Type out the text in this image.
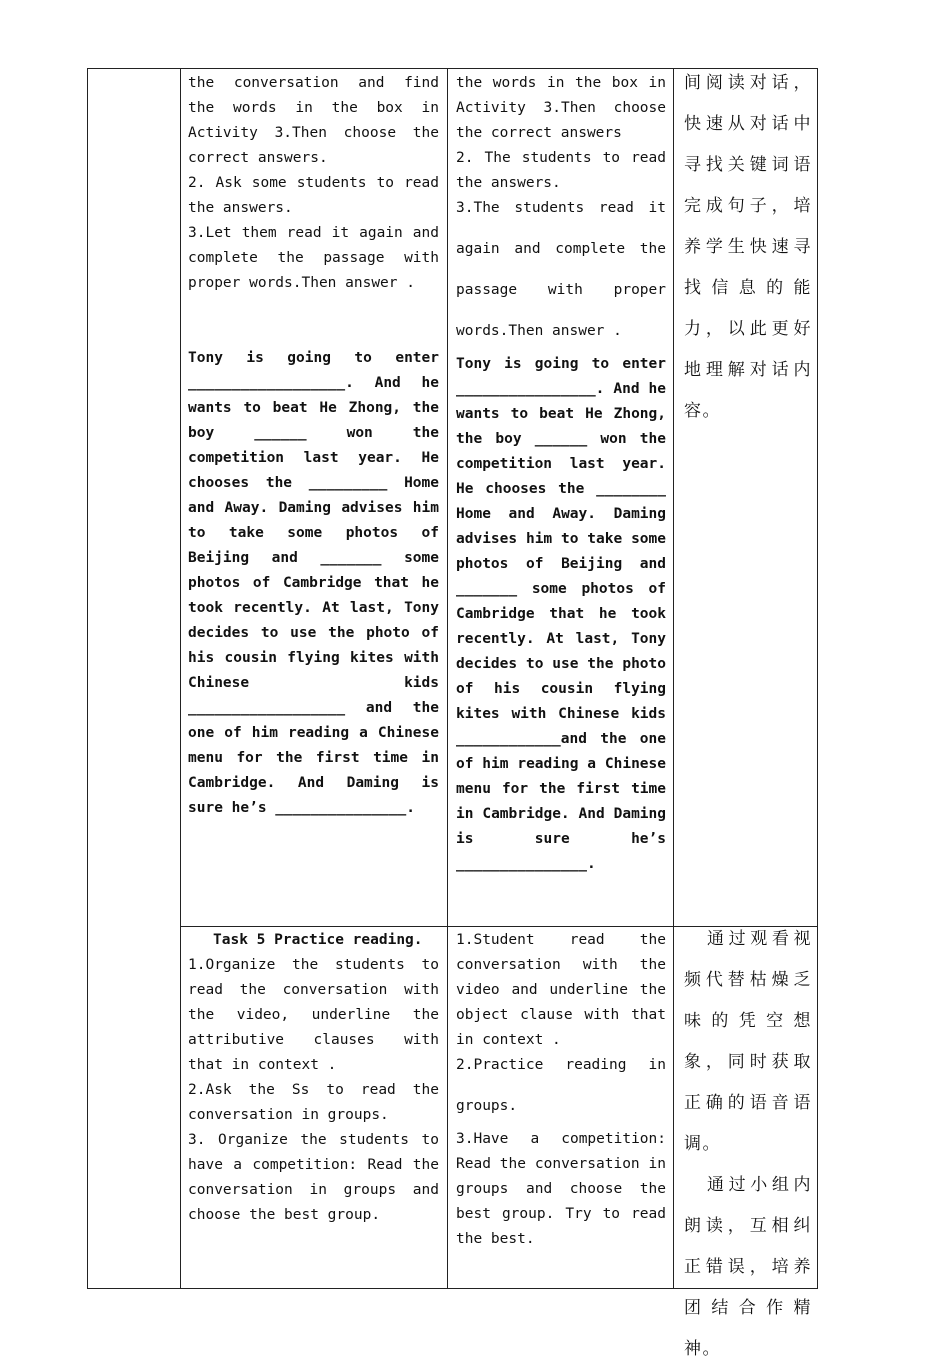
the conversation and find the words in the box in Activity 3.Then choose the correct answers.

2. Ask some students to read the answers.

3.Let them read it again and complete the passage with proper words.Then answer .

Tony is going to enter __________________. And he wants to beat He Zhong, the boy ______ won the competition last year. He chooses the _________ Home and Away. Daming advises him to take some photos of Beijing and _______ some photos of Cambridge that he took recently. At last, Tony decides to use the photo of his cousin flying kites with Chinese kids __________________ and the one of him reading a Chinese menu for the first time in Cambridge. And Daming is sure he’s _______________.

the words in the box in Activity 3.Then choose the correct answers

2. The students to read the answers.

3.The students read it again and complete the passage with proper words.Then answer .

Tony is going to enter ________________. And he wants to beat He Zhong, the boy ______ won the competition last year. He chooses the ________ Home and Away. Daming advises him to take some photos of Beijing and _______ some photos of Cambridge that he took recently. At last, Tony decides to use the photo of his cousin flying kites with Chinese kids ____________and the one of him reading a Chinese menu for the first time in Cambridge. And Daming is sure he’s _______________.

间阅读对话，快速从对话中寻找关键词语完成句子，培养学生快速寻找信息的能力，以此更好地理解对话内容。

Task 5 Practice reading.

1.Organize the students to read the conversation with the video, underline the attributive clauses with that in context .

2.Ask the Ss to read the conversation in groups.

3. Organize the students to have a competition: Read the conversation in groups and choose the best group.

1.Student read the conversation with the video and underline the object clause with that in context .

2.Practice reading in groups.

3.Have a competition: Read the conversation in groups and choose the best group. Try to read the best.

通过观看视频代替枯燥乏味的凭空想象，同时获取正确的语音语调。

通过小组内朗读，互相纠正错误，培养团结合作精神。
